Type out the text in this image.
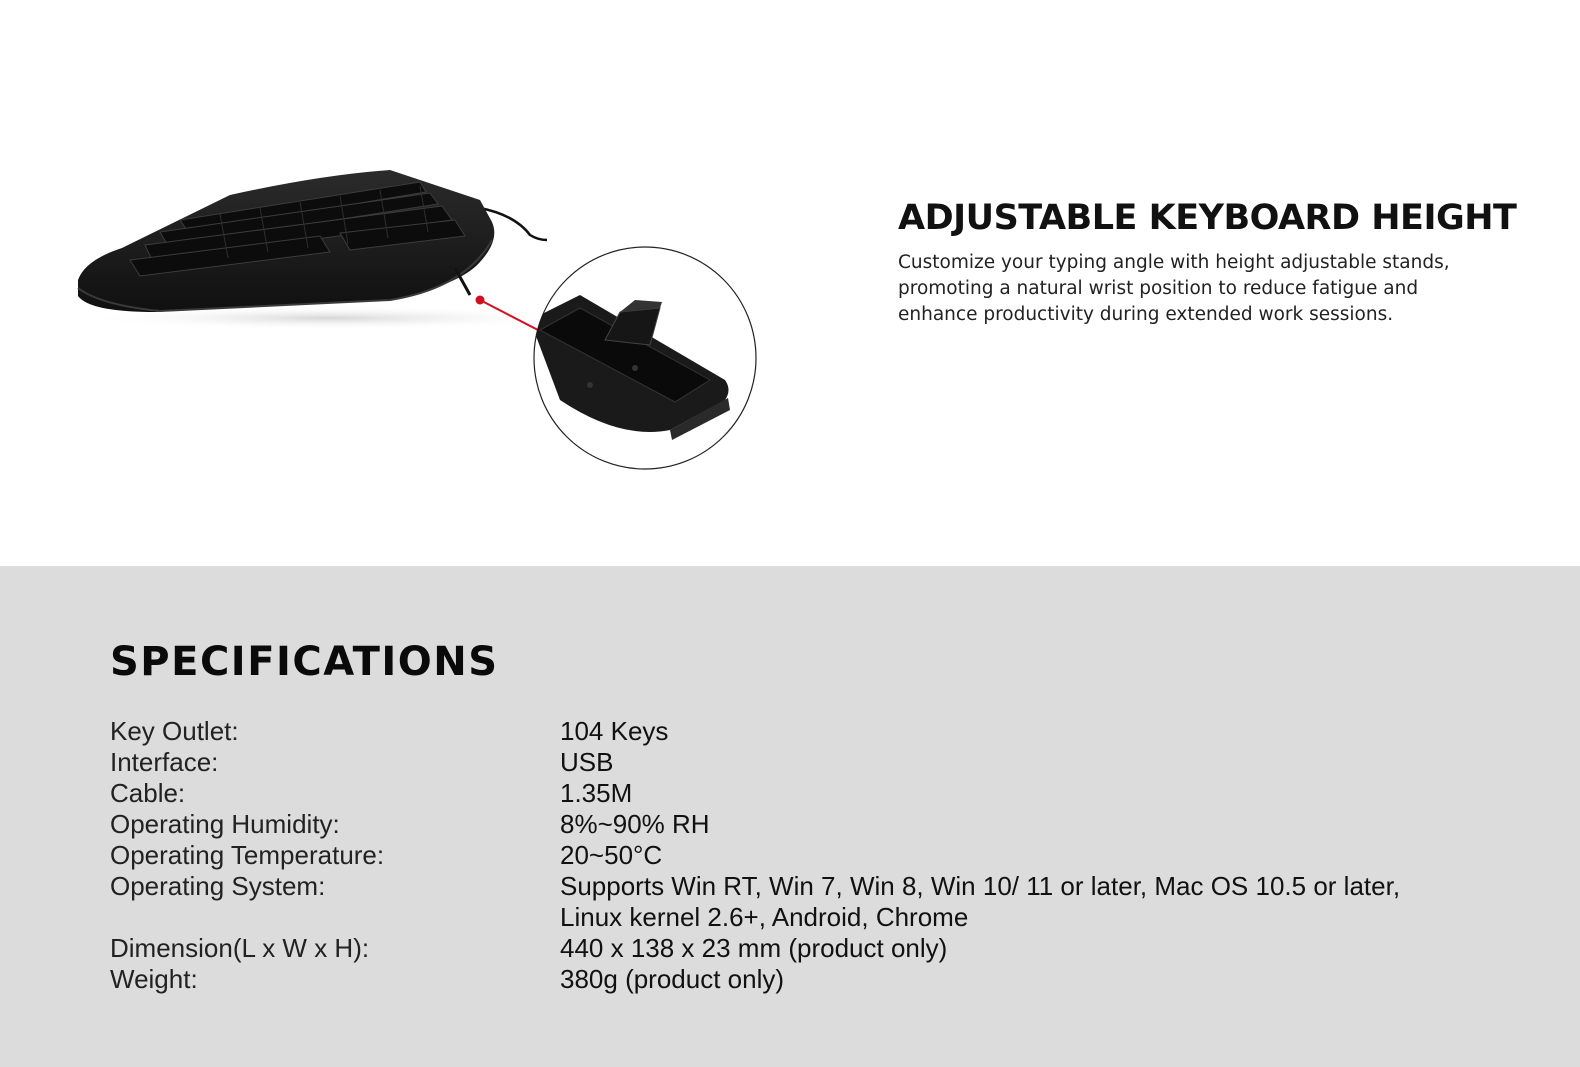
ADJUSTABLE KEYBOARD HEIGHT
Customize your typing angle with height adjustable stands, promoting a natural wrist position to reduce fatigue and enhance productivity during extended work sessions.
SPECIFICATIONS
Key Outlet:	104 Keys
Interface:	USB
Cable:	1.35M
Operating Humidity:	8%~90% RH
Operating Temperature:	20~50°C
Operating System:	Supports Win RT, Win 7, Win 8, Win 10/ 11 or later, Mac OS 10.5 or later, Linux kernel 2.6+, Android, Chrome
Dimension(L x W x H):	440 x 138 x 23 mm (product only)
Weight:	380g (product only)
